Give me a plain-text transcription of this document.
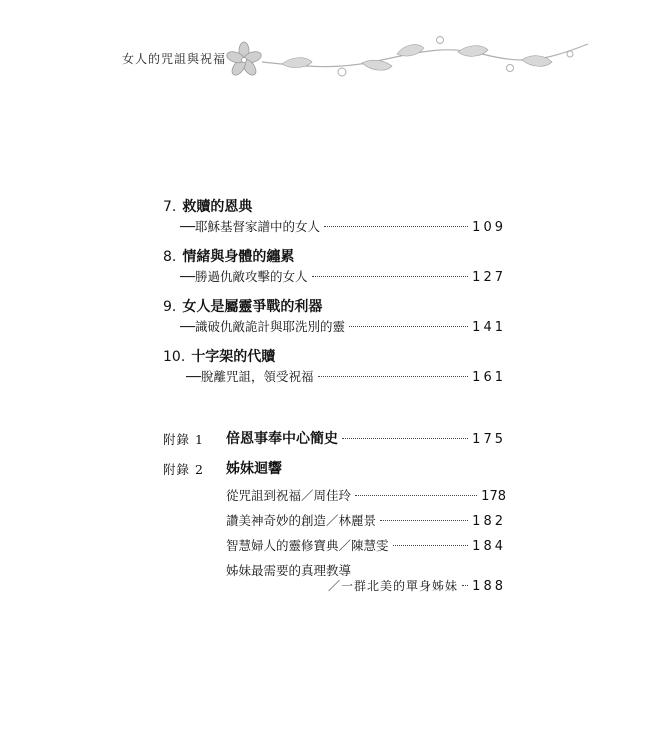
女人的咒詛與祝福
7. 救贖的恩典
──耶穌基督家譜中的女人	109
8. 情緒與身體的纏累
──勝過仇敵攻擊的女人	127
9. 女人是屬靈爭戰的利器
──識破仇敵詭計與耶洗別的靈	141
10. 十字架的代贖
──脫離咒詛，領受祝福	161
附錄 1 倍恩事奉中心簡史	175
附錄 2 姊妹迴響
從咒詛到祝福／周佳玲	178
讚美神奇妙的創造／林麗景	182
智慧婦人的靈修寶典／陳慧雯	184
姊妹最需要的真理教導
／一群北美的單身姊妹 188
